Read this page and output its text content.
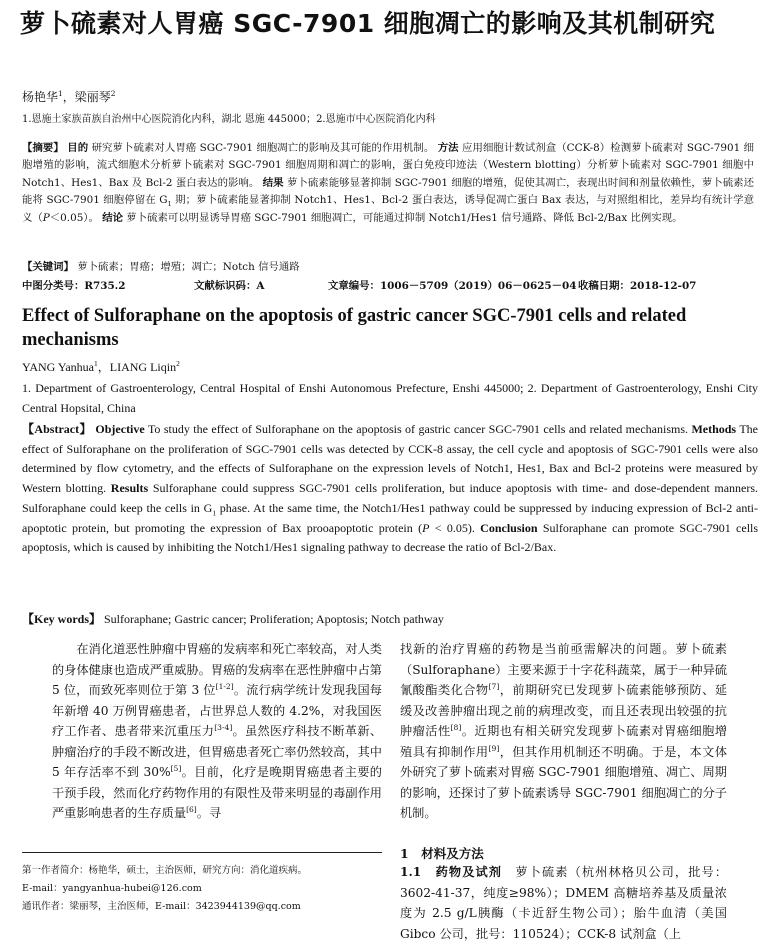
萝卜硫素对人胃癌 SGC-7901 细胞凋亡的影响及其机制研究
杨艳华$^1$，梁丽琴$^2$
1.恩施土家族苗族自治州中心医院消化内科，湖北 恩施 445000；2.恩施市中心医院消化内科
【摘要】 目的 研究萝卜硫素对人胃癌 SGC-7901 细胞凋亡的影响及其可能的作用机制。 方法 应用细胞计数试剂盒（CCK-8）检测萝卜硫素对 SGC-7901 细胞增殖的影响，流式细胞术分析萝卜硫素对 SGC-7901 细胞周期和凋亡的影响，蛋白免疫印迹法（Western blotting）分析萝卜硫素对 SGC-7901 细胞中 Notch1、Hes1、Bax 及 Bcl-2 蛋白表达的影响。 结果 萝卜硫素能够显著抑制 SGC-7901 细胞的增殖，促使其凋亡，表现出时间和剂量依赖性，萝卜硫素还能将 SGC-7901 细胞停留在 $G_1$ 期；萝卜硫素能显著抑制 Notch1、Hes1、Bcl-2 蛋白表达，诱导促凋亡蛋白 Bax 表达，与对照组相比，差异均有统计学意义（P＜0.05）。 结论 萝卜硫素可以明显诱导胃癌 SGC-7901 细胞凋亡，可能通过抑制 Notch1/Hes1 信号通路、降低 Bcl-2/Bax 比例实现。
【关键词】 萝卜硫素；胃癌；增殖；凋亡；Notch 信号通路
中图分类号：R735.2	文献标识码：A	文章编号：1006－5709（2019）06－0625－04 收稿日期：2018-12-07
Effect of Sulforaphane on the apoptosis of gastric cancer SGC-7901 cells and related mechanisms
YANG Yanhua$^1$，LIANG Liqin$^2$
1. Department of Gastroenterology, Central Hospital of Enshi Autonomous Prefecture, Enshi 445000; 2. Department of Gastroenterology, Enshi City Central Hopsital, China
【Abstract】 Objective To study the effect of Sulforaphane on the apoptosis of gastric cancer SGC-7901 cells and related mechanisms. Methods The effect of Sulforaphane on the proliferation of SGC-7901 cells was detected by CCK-8 assay, the cell cycle and apoptosis of SGC-7901 cells were also determined by flow cytometry, and the effects of Sulforaphane on the expression levels of Notch1, Hes1, Bax and Bcl-2 proteins were measured by Western blotting. Results Sulforaphane could suppress SGC-7901 cells proliferation, but induce apoptosis with time- and dose-dependent manners. Sulforaphane could keep the cells in $G_1$ phase. At the same time, the Notch1/Hes1 pathway could be suppressed by inducing expression of Bcl-2 anti-apoptotic protein, but promoting the expression of Bax prooapoptotic protein (P < 0.05). Conclusion Sulforaphane can promote SGC-7901 cells apoptosis, which is caused by inhibiting the Notch1/Hes1 signaling pathway to decrease the ratio of Bcl-2/Bax.
【Key words】 Sulforaphane; Gastric cancer; Proliferation; Apoptosis; Notch pathway
在消化道恶性肿瘤中胃癌的发病率和死亡率较高，对人类的身体健康也造成严重威胁。胃癌的发病率在恶性肿瘤中占第 5 位，而致死率则位于第 3 位[1-2]。流行病学统计发现我国每年新增 40 万例胃癌患者，占世界总人数的 4.2%，对我国医疗工作者、患者带来沉重压力[3-4]。虽然医疗科技不断革新、肿瘤治疗的手段不断改进，但胃癌患者死亡率仍然较高，其中 5 年存活率不到 30%[5]。目前，化疗是晚期胃癌患者主要的干预手段，然而化疗药物作用的有限性及带来明显的毒副作用严重影响患者的生存质量[6]。寻
找新的治疗胃癌的药物是当前亟需解决的问题。萝卜硫素（Sulforaphane）主要来源于十字花科蔬菜，属于一种异硫氰酸酯类化合物[7]，前期研究已发现萝卜硫素能够预防、延缓及改善肿瘤出现之前的病理改变，而且还表现出较强的抗肿瘤活性[8]。近期也有相关研究发现萝卜硫素对胃癌细胞增殖具有抑制作用[9]，但其作用机制还不明确。于是，本文体外研究了萝卜硫素对胃癌 SGC-7901 细胞增殖、凋亡、周期的影响，还探讨了萝卜硫素诱导 SGC-7901 细胞凋亡的分子机制。
1　材料及方法
1.1　药物及试剂　 萝卜硫素（杭州林格贝公司，批号：3602-41-37，纯度≥98%）；DMEM 高糖培养基及质量浓度为 2.5 g/L胰酶（卡近舒生物公司）；胎牛血清（美国 Gibco 公司，批号：110524）；CCK-8 试剂盒（上
第一作者简介：杨艳华，硕士，主治医师，研究方向：消化道疾病。
E-mail：yangyanhua-hubei@126.com
通讯作者：梁丽琴，主治医师，E-mail：3423944139@qq.com
